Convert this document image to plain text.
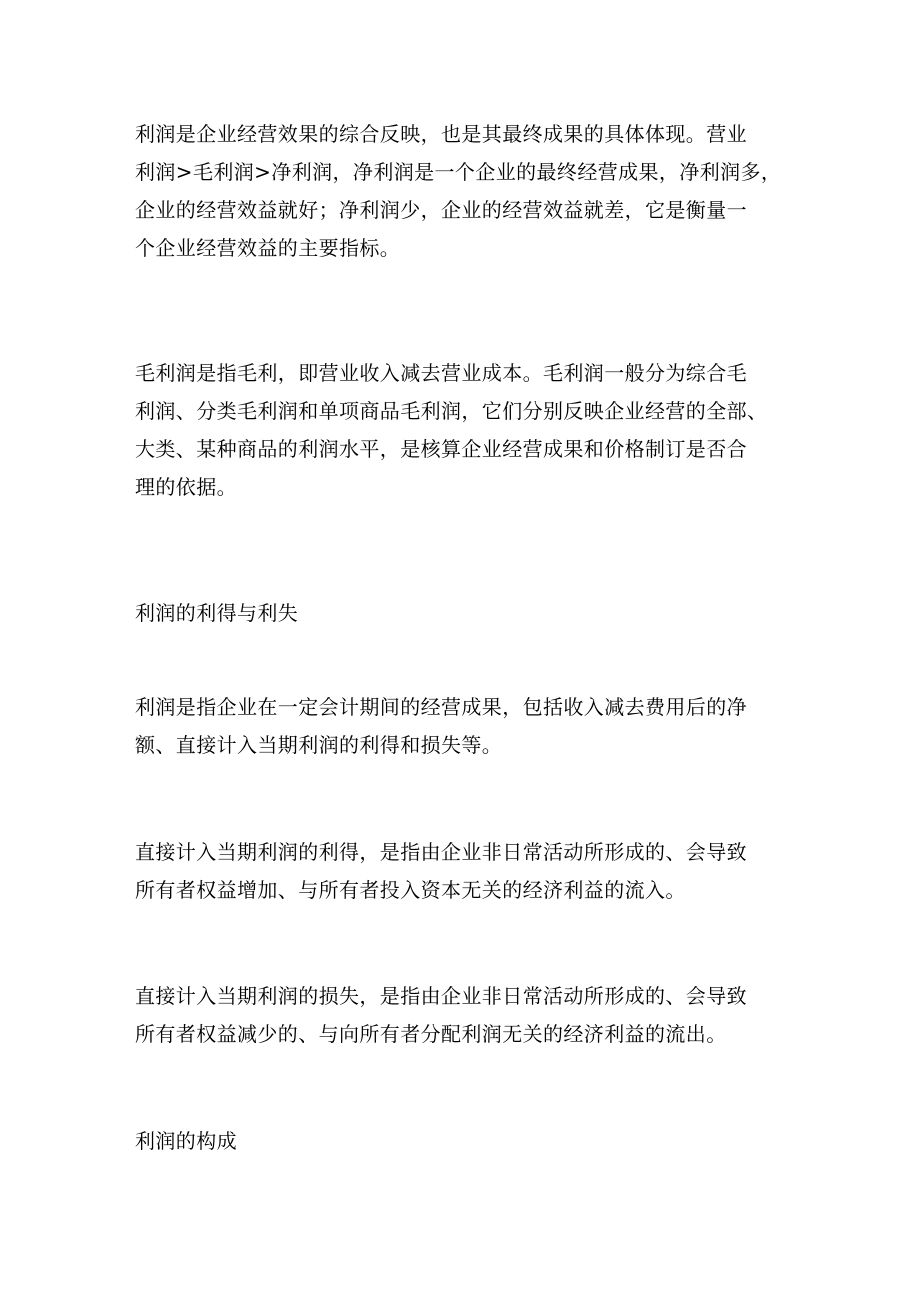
利润是企业经营效果的综合反映，也是其最终成果的具体体现。营业
利润>毛利润>净利润，净利润是一个企业的最终经营成果，净利润多，
企业的经营效益就好；净利润少，企业的经营效益就差，它是衡量一
个企业经营效益的主要指标。

毛利润是指毛利，即营业收入减去营业成本。毛利润一般分为综合毛
利润、分类毛利润和单项商品毛利润，它们分别反映企业经营的全部、
大类、某种商品的利润水平，是核算企业经营成果和价格制订是否合
理的依据。

利润的利得与利失

利润是指企业在一定会计期间的经营成果，包括收入减去费用后的净
额、直接计入当期利润的利得和损失等。

直接计入当期利润的利得，是指由企业非日常活动所形成的、会导致
所有者权益增加、与所有者投入资本无关的经济利益的流入。

直接计入当期利润的损失，是指由企业非日常活动所形成的、会导致
所有者权益减少的、与向所有者分配利润无关的经济利益的流出。

利润的构成
